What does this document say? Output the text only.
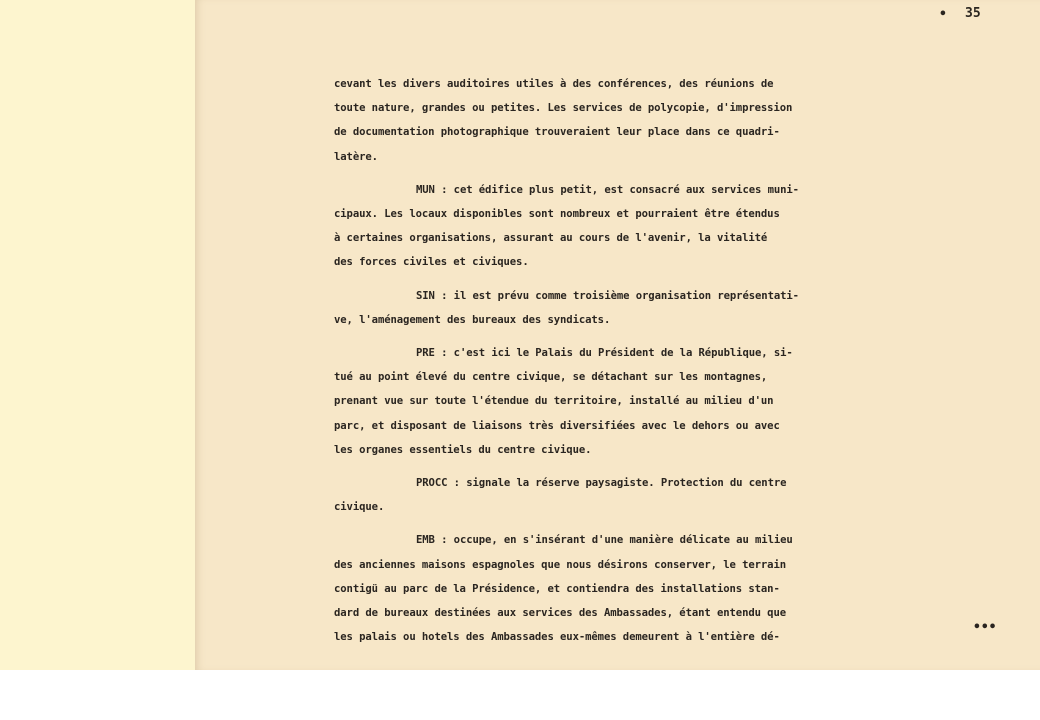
• 35

cevant les divers auditoires utiles à des conférences, des réunions de
toute nature, grandes ou petites. Les services de polycopie, d'impression
de documentation photographique trouveraient leur place dans ce quadri-
latère.

MUN : cet édifice plus petit, est consacré aux services muni-
cipaux. Les locaux disponibles sont nombreux et pourraient être étendus
à certaines organisations, assurant au cours de l'avenir, la vitalité
des forces civiles et civiques.

SIN : il est prévu comme troisième organisation représentati-
ve, l'aménagement des bureaux des syndicats.

PRE : c'est ici le Palais du Président de la République, si-
tué au point élevé du centre civique, se détachant sur les montagnes,
prenant vue sur toute l'étendue du territoire, installé au milieu d'un
parc, et disposant de liaisons très diversifiées avec le dehors ou avec
les organes essentiels du centre civique.

PROCC : signale la réserve paysagiste. Protection du centre
civique.

EMB : occupe, en s'insérant d'une manière délicate au milieu
des anciennes maisons espagnoles que nous désirons conserver, le terrain
contigü au parc de la Présidence, et contiendra des installations stan-
dard de bureaux destinées aux services des Ambassades, étant entendu que
les palais ou hotels des Ambassades eux-mêmes demeurent à l'entière dé-

•••
